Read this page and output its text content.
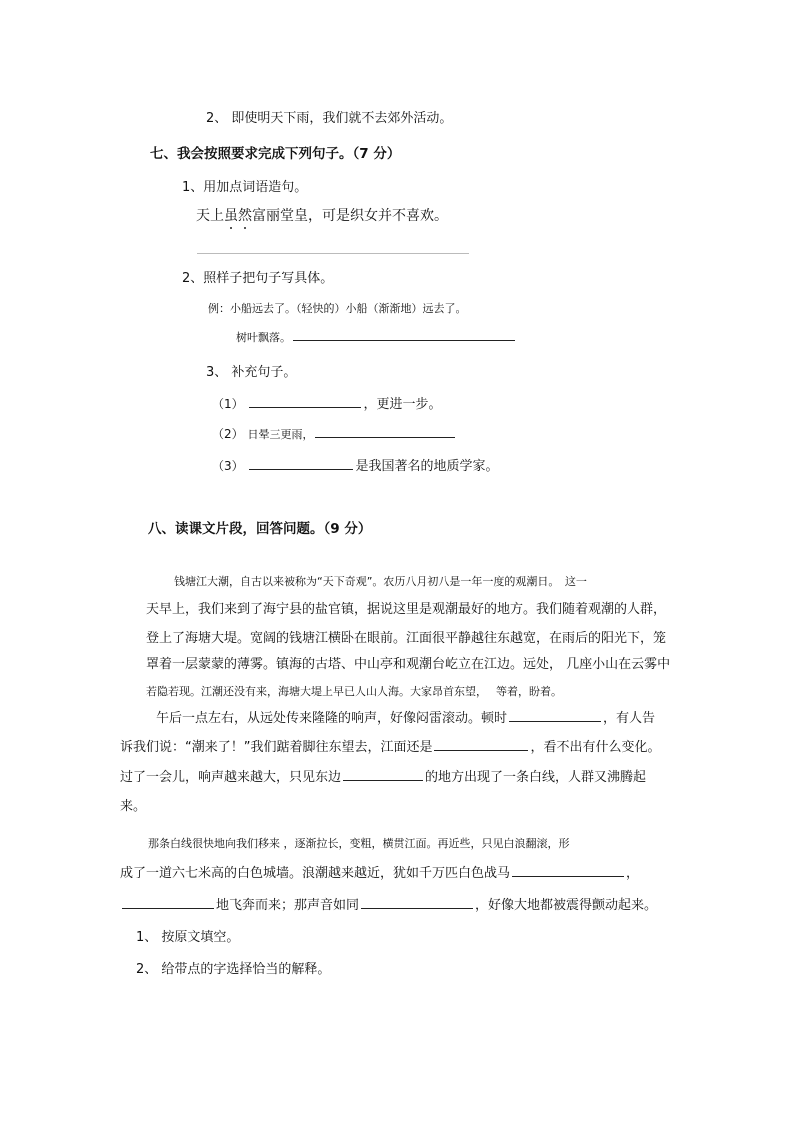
2、 即使明天下雨，我们就不去郊外活动。
七、我会按照要求完成下列句子。（7 分）
1、用加点词语造句。
天上虽然富丽堂皇，可是织女并不喜欢。
2、照样子把句子写具体。
例：小船远去了。（轻快的）小船（渐渐地）远去了。
树叶飘落。
3、 补充句子。
（1）	，更进一步。
（2） 日晕三更雨，
（3）	是我国著名的地质学家。
八、读课文片段，回答问题。（9 分）
钱塘江大潮，自古以来被称为“天下奇观”。农历八月初八是一年一度的观潮日。　这一
天早上，我们来到了海宁县的盐官镇，据说这里是观潮最好的地方。我们随着观潮的人群，
登上了海塘大堤。宽阔的钱塘江横卧在眼前。江面很平静越往东越宽，在雨后的阳光下，笼
罩着一层蒙蒙的薄雾。镇海的古塔、中山亭和观潮台屹立在江边。远处， 几座小山在云雾中
若隐若现。江潮还没有来，海塘大堤上早已人山人海。大家昂首东望，　 等着，盼着。
午后一点左右，从远处传来隆隆的响声，好像闷雷滚动。顿时	，有人告
诉我们说：“潮来了！”我们踮着脚往东望去，江面还是	，看不出有什么变化。
过了一会儿，响声越来越大，只见东边	的地方出现了一条白线，人群又沸腾起
来。
那条白线很快地向我们移来 ，逐渐拉长，变粗，横贯江面。再近些，只见白浪翻滚，形
成了一道六七米高的白色城墙。浪潮越来越近，犹如千万匹白色战马	，
地飞奔而来；那声音如同	，好像大地都被震得颤动起来。
1、 按原文填空。
2、 给带点的字选择恰当的解释。
